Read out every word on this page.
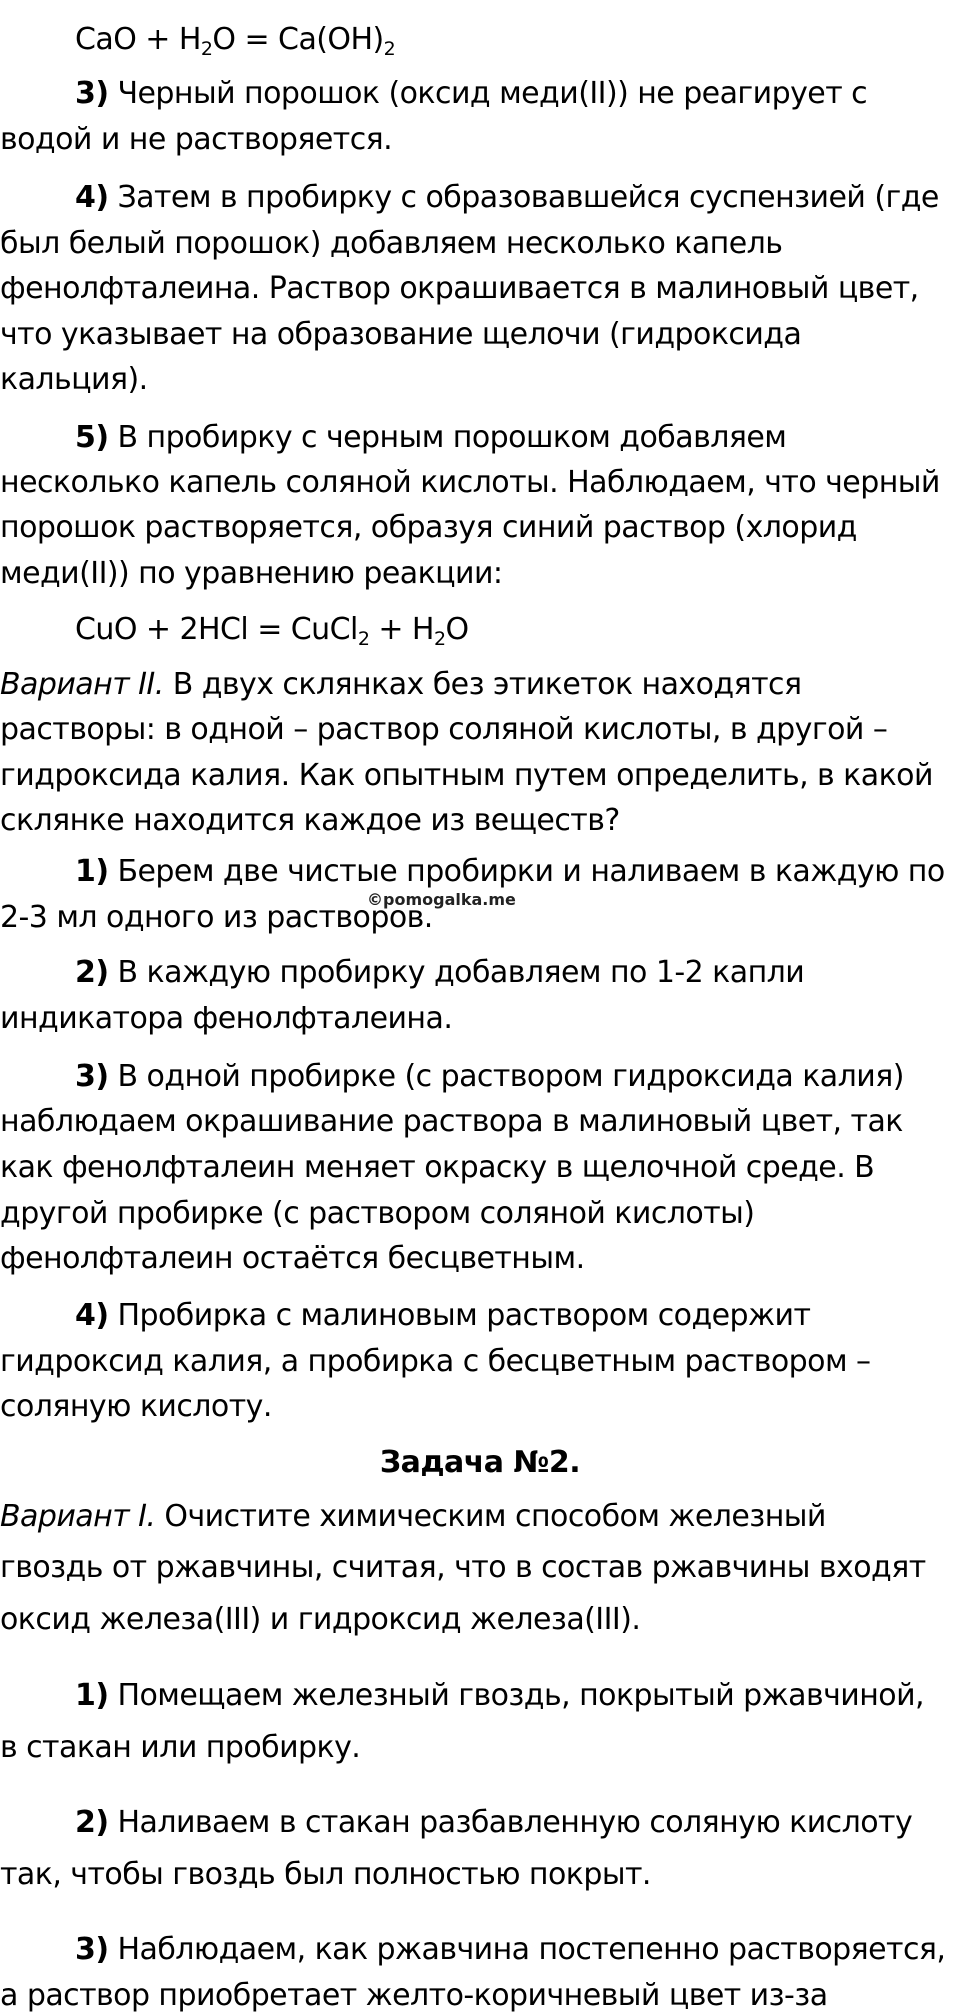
CaO + $H_2O = Ca(OH)_2$
3) Черный порошок (оксид меди(II)) не реагирует с
водой и не растворяется.
4) Затем в пробирку с образовавшейся суспензией (где
был белый порошок) добавляем несколько капель
фенолфталеина. Раствор окрашивается в малиновый цвет,
что указывает на образование щелочи (гидроксида
кальция).
5) В пробирку с черным порошком добавляем
несколько капель соляной кислоты. Наблюдаем, что черный
порошок растворяется, образуя синий раствор (хлорид
меди(II)) по уравнению реакции:
CuO + 2HCl = CuCl$_2$ + $H_2O$
Вариант II. В двух склянках без этикеток находятся
растворы: в одной – раствор соляной кислоты, в другой –
гидроксида калия. Как опытным путем определить, в какой
склянке находится каждое из веществ?
1) Берем две чистые пробирки и наливаем в каждую по
2-3 мл одного из растворов.
©pomogalka.me
2) В каждую пробирку добавляем по 1-2 капли
индикатора фенолфталеина.
3) В одной пробирке (с раствором гидроксида калия)
наблюдаем окрашивание раствора в малиновый цвет, так
как фенолфталеин меняет окраску в щелочной среде. В
другой пробирке (с раствором соляной кислоты)
фенолфталеин остаётся бесцветным.
4) Пробирка с малиновым раствором содержит
гидроксид калия, а пробирка с бесцветным раствором –
соляную кислоту.
Задача №2.
Вариант I. Очистите химическим способом железный
гвоздь от ржавчины, считая, что в состав ржавчины входят
оксид железа(III) и гидроксид железа(III).
1) Помещаем железный гвоздь, покрытый ржавчиной,
в стакан или пробирку.
2) Наливаем в стакан разбавленную соляную кислоту
так, чтобы гвоздь был полностью покрыт.
3) Наблюдаем, как ржавчина постепенно растворяется,
а раствор приобретает желто-коричневый цвет из-за
